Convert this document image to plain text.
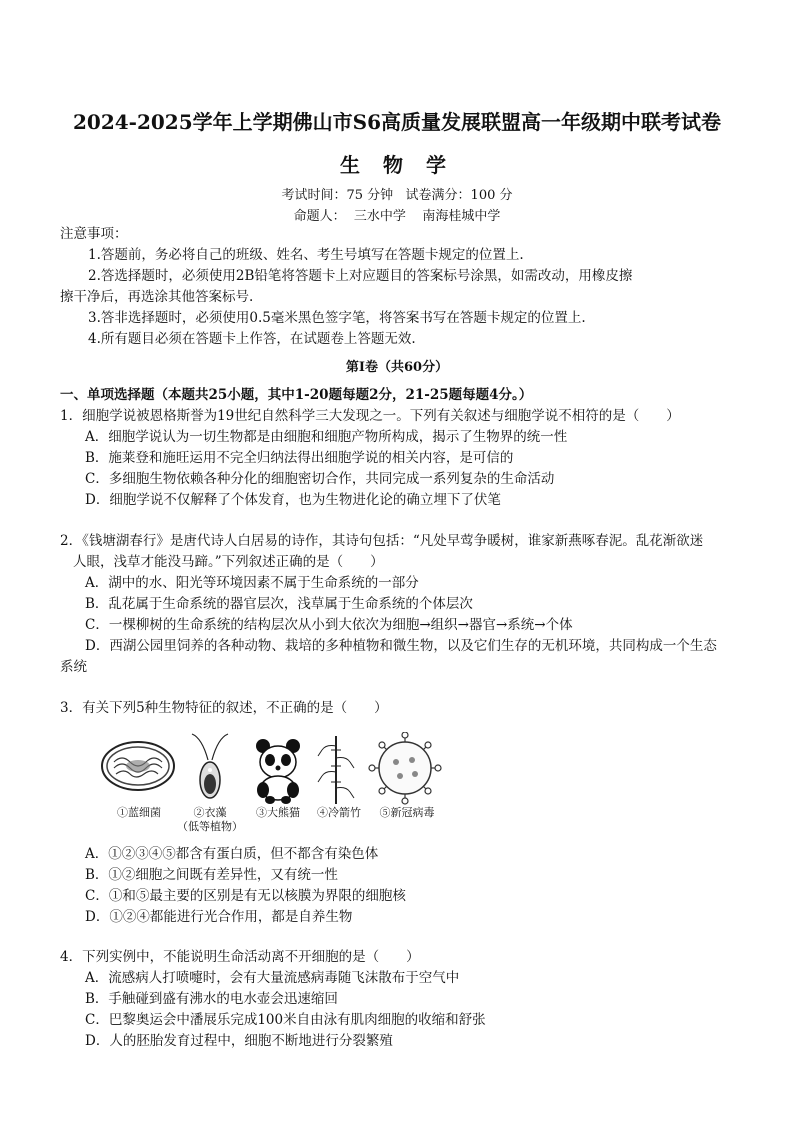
2024-2025学年上学期佛山市S6高质量发展联盟高一年级期中联考试卷
生 物 学
考试时间：75 分钟   试卷满分：100 分
命题人：  三水中学    南海桂城中学
注意事项：
1.答题前，务必将自己的班级、姓名、考生号填写在答题卡规定的位置上.
2.答选择题时，必须使用2B铅笔将答题卡上对应题目的答案标号涂黑，如需改动，用橡皮擦
擦干净后，再选涂其他答案标号.
3.答非选择题时，必须使用0.5毫米黑色签字笔，将答案书写在答题卡规定的位置上.
4.所有题目必须在答题卡上作答，在试题卷上答题无效.
第Ⅰ卷（共60分）
一、单项选择题（本题共25小题，其中1-20题每题2分，21-25题每题4分。）
1．细胞学说被恩格斯誉为19世纪自然科学三大发现之一。下列有关叙述与细胞学说不相符的是（　　）
A．细胞学说认为一切生物都是由细胞和细胞产物所构成，揭示了生物界的统一性
B．施莱登和施旺运用不完全归纳法得出细胞学说的相关内容，是可信的
C．多细胞生物依赖各种分化的细胞密切合作，共同完成一系列复杂的生命活动
D．细胞学说不仅解释了个体发育，也为生物进化论的确立埋下了伏笔
2．《钱塘湖春行》是唐代诗人白居易的诗作，其诗句包括：“凡处早莺争暖树，谁家新燕啄春泥。乱花渐欲迷
人眼，浅草才能没马蹄。”下列叙述正确的是（　　）
A．湖中的水、阳光等环境因素不属于生命系统的一部分
B．乱花属于生命系统的器官层次，浅草属于生命系统的个体层次
C．一棵柳树的生命系统的结构层次从小到大依次为细胞→组织→器官→系统→个体
D．西湖公园里饲养的各种动物、栽培的多种植物和微生物，以及它们生存的无机环境，共同构成一个生态
系统
3．有关下列5种生物特征的叙述，不正确的是（　　）
①蓝细菌	②衣藻
（低等植物）
③大熊猫	④冷箭竹	⑤新冠病毒
A．①②③④⑤都含有蛋白质，但不都含有染色体
B．①②细胞之间既有差异性，又有统一性
C．①和⑤最主要的区别是有无以核膜为界限的细胞核
D．①②④都能进行光合作用，都是自养生物
4．下列实例中，不能说明生命活动离不开细胞的是（　　）
A．流感病人打喷嚏时，会有大量流感病毒随飞沫散布于空气中
B．手触碰到盛有沸水的电水壶会迅速缩回
C．巴黎奥运会中潘展乐完成100米自由泳有肌肉细胞的收缩和舒张
D．人的胚胎发育过程中，细胞不断地进行分裂繁殖
